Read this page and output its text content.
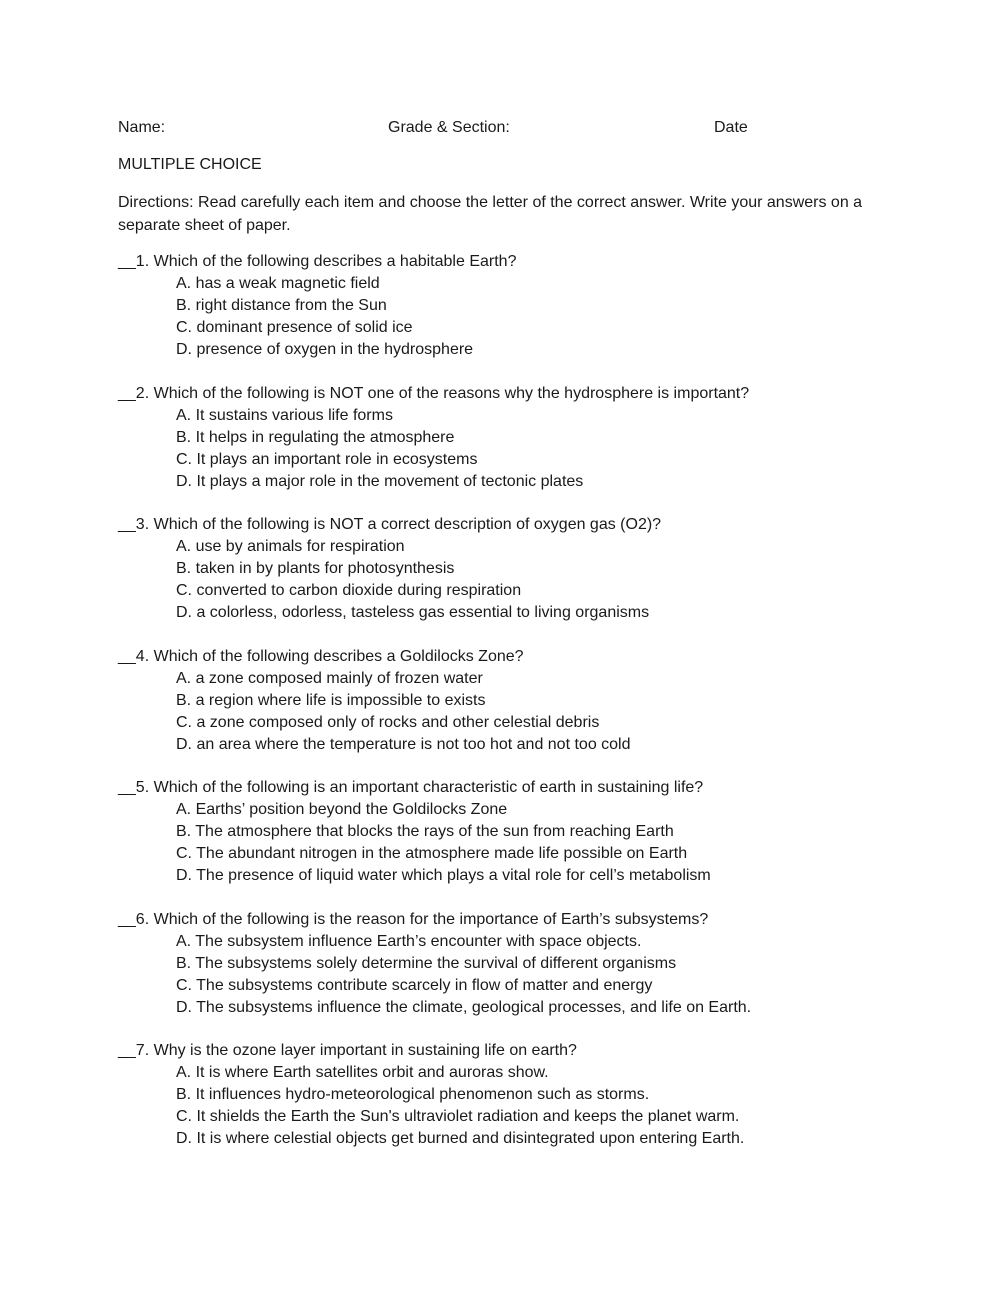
Name:	Grade & Section:	Date
MULTIPLE CHOICE
Directions: Read carefully each item and choose the letter of the correct answer. Write your answers on a separate sheet of paper.
__1. Which of the following describes a habitable Earth?
A. has a weak magnetic field
B. right distance from the Sun
C. dominant presence of solid ice
D. presence of oxygen in the hydrosphere
__2. Which of the following is NOT one of the reasons why the hydrosphere is important?
A. It sustains various life forms
B. It helps in regulating the atmosphere
C. It plays an important role in ecosystems
D. It plays a major role in the movement of tectonic plates
__3. Which of the following is NOT a correct description of oxygen gas (O2)?
A. use by animals for respiration
B. taken in by plants for photosynthesis
C. converted to carbon dioxide during respiration
D. a colorless, odorless, tasteless gas essential to living organisms
__4. Which of the following describes a Goldilocks Zone?
A. a zone composed mainly of frozen water
B. a region where life is impossible to exists
C. a zone composed only of rocks and other celestial debris
D. an area where the temperature is not too hot and not too cold
__5. Which of the following is an important characteristic of earth in sustaining life?
A. Earths’ position beyond the Goldilocks Zone
B. The atmosphere that blocks the rays of the sun from reaching Earth
C. The abundant nitrogen in the atmosphere made life possible on Earth
D. The presence of liquid water which plays a vital role for cell’s metabolism
__6. Which of the following is the reason for the importance of Earth’s subsystems?
A. The subsystem influence Earth’s encounter with space objects.
B. The subsystems solely determine the survival of different organisms
C. The subsystems contribute scarcely in flow of matter and energy
D. The subsystems influence the climate, geological processes, and life on Earth.
__7. Why is the ozone layer important in sustaining life on earth?
A. It is where Earth satellites orbit and auroras show.
B. It influences hydro-meteorological phenomenon such as storms.
C. It shields the Earth the Sun's ultraviolet radiation and keeps the planet warm.
D. It is where celestial objects get burned and disintegrated upon entering Earth.
